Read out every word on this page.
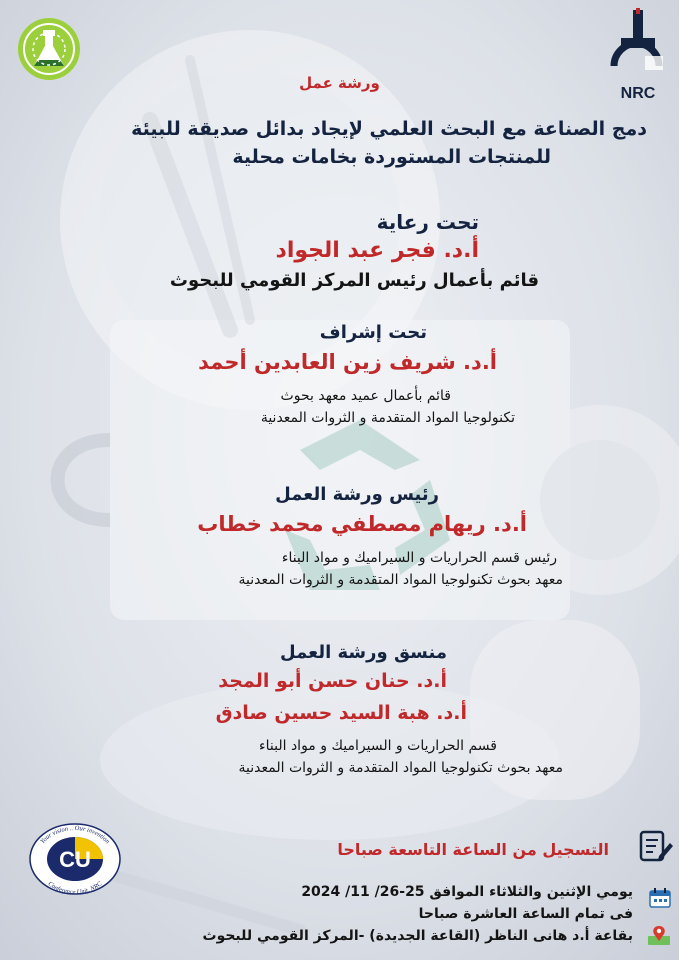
NRC
ورشة عمل
دمج الصناعة مع البحث العلمي لإيجاد بدائل صديقة للبيئة
للمنتجات المستوردة بخامات محلية
تحت رعاية
أ.د. فجر عبد الجواد
قائم بأعمال رئيس المركز القومي للبحوث
تحت إشراف
أ.د. شريف زين العابدين أحمد
قائم بأعمال عميد معهد بحوث
تكنولوجيا المواد المتقدمة و الثروات المعدنية
رئيس ورشة العمل
أ.د. ريهام مصطفي محمد خطاب
رئيس قسم الحراريات و السيراميك و مواد البناء
معهد بحوث تكنولوجيا المواد المتقدمة و الثروات المعدنية
منسق ورشة العمل
أ.د. حنان حسن أبو المجد
أ.د. هبة السيد حسين صادق
قسم الحراريات و السيراميك و مواد البناء
معهد بحوث تكنولوجيا المواد المتقدمة و الثروات المعدنية
التسجيل من الساعة التاسعة صباحا
يومي الإثنين والثلاثاء الموافق 25-26/ 11/ 2024
فى تمام الساعة العاشرة صباحا
بقاعة أ.د هانى الناظر (القاعة الجديدة) -المركز القومي للبحوث
CU
Your vision .. Our invention
Conference Unit, NRC
